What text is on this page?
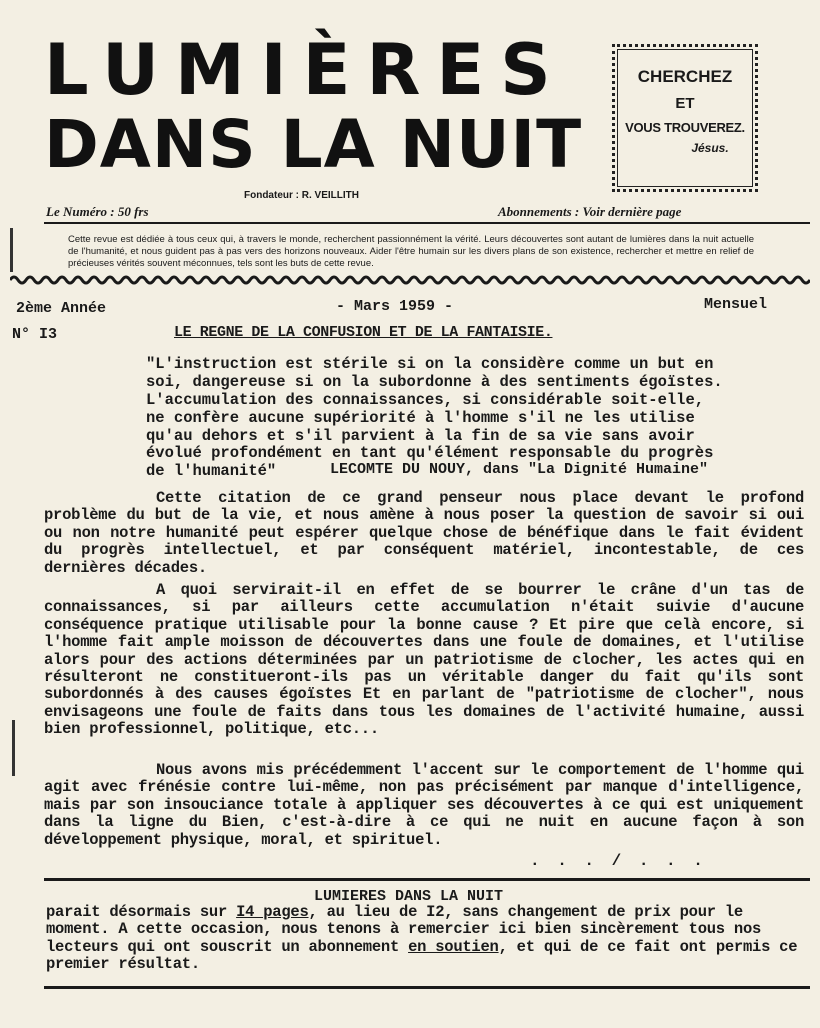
LUMIÈRES
DANS LA NUIT
CHERCHEZ
ET
VOUS TROUVEREZ.
Jésus.
Fondateur : R. VEILLITH
Le Numéro : 50 frs	Abonnements : Voir dernière page

Cette revue est dédiée à tous ceux qui, à travers le monde, recherchent passionnément la vérité. Leurs découvertes sont autant de lumières dans la nuit actuelle de l'humanité, et nous guident pas à pas vers des horizons nouveaux. Aider l'être humain sur les divers plans de son existence, rechercher et mettre en relief de précieuses vérités souvent méconnues, tels sont les buts de cette revue.

2ème Année	- Mars 1959 -	Mensuel
N° I3	LE REGNE DE LA CONFUSION ET DE LA FANTAISIE.

"L'instruction est stérile si on la considère comme un but en

soi, dangereuse si on la subordonne à des sentiments égoïstes.

L'accumulation des connaissances, si considérable soit-elle,

ne confère aucune supériorité à l'homme s'il ne les utilise

qu'au dehors et s'il parvient à la fin de sa vie sans avoir

évolué profondément en tant qu'élément responsable du progrès

de l'humanité"	LECOMTE DU NOUY, dans "La Dignité Humaine"

Cette citation de ce grand penseur nous place devant le profond problème du but de la vie, et nous amène à nous poser la question de savoir si oui ou non notre humanité peut espérer quelque chose de bénéfique dans le fait évident du progrès intellectuel, et par conséquent matériel, incontestable, de ces dernières décades.

A quoi servirait-il en effet de se bourrer le crâne d'un tas de connaissances, si par ailleurs cette accumulation n'était suivie d'aucune conséquence pratique utilisable pour la bonne cause ? Et pire que celà encore, si l'homme fait ample moisson de découvertes dans une foule de domaines, et l'utilise alors pour des actions déterminées par un patriotisme de clocher, les actes qui en résulteront ne constitueront-ils pas un véritable danger du fait qu'ils sont subordonnés à des causes égoïstes Et en parlant de "patriotisme de clocher", nous envisageons une foule de faits dans tous les domaines de l'activité humaine, aussi bien professionnel, politique, etc...

Nous avons mis précédemment l'accent sur le comportement de l'homme qui agit avec frénésie contre lui-même, non pas précisément par manque d'intelligence, mais par son insouciance totale à appliquer ses découvertes à ce qui est uniquement dans la ligne du Bien, c'est-à-dire à ce qui ne nuit en aucune façon à son développement physique, moral, et spirituel.

. . . / . . .
LUMIERES DANS LA NUIT

parait désormais sur I4 pages, au lieu de I2, sans changement de prix pour le moment. A cette occasion, nous tenons à remercier ici bien sincèrement tous nos lecteurs qui ont souscrit un abonnement en soutien, et qui de ce fait ont permis ce premier résultat.
